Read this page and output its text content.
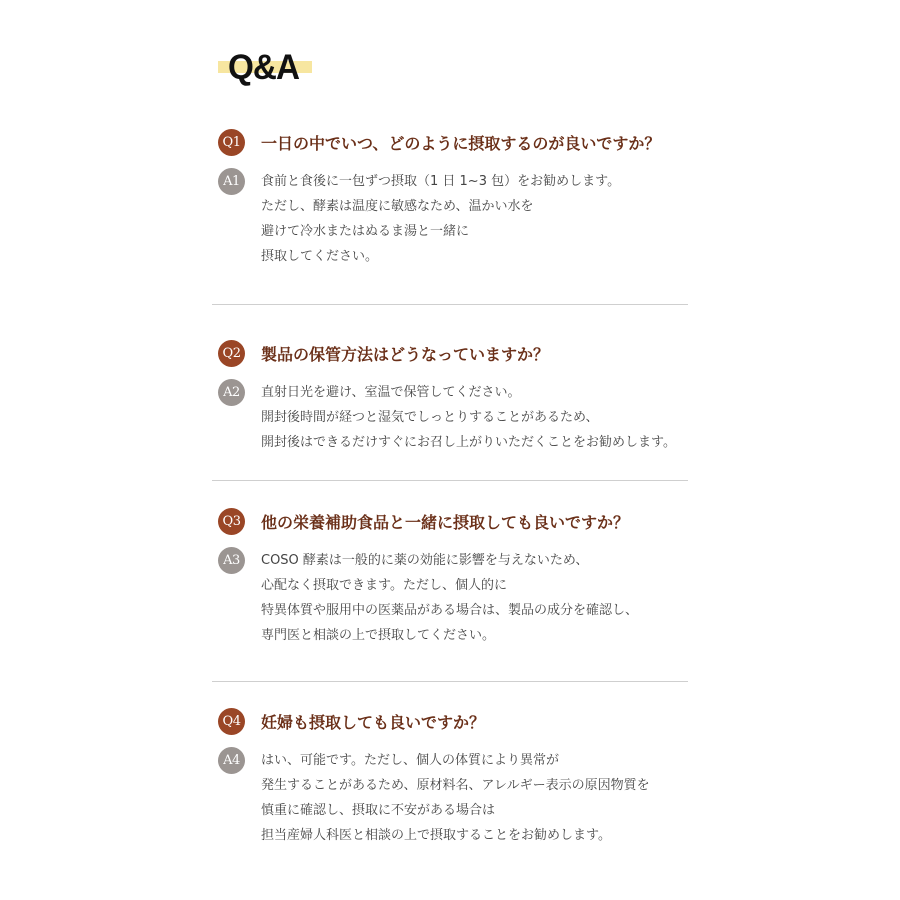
Q&A
Q1 一日の中でいつ、どのように摂取するのが良いですか？
A1	食前と食後に一包ずつ摂取（1 日 1~3 包）をお勧めします。
ただし、酵素は温度に敏感なため、温かい水を
避けて冷水またはぬるま湯と一緒に
摂取してください。
Q2 製品の保管方法はどうなっていますか？
A2	直射日光を避け、室温で保管してください。
開封後時間が経つと湿気でしっとりすることがあるため、
開封後はできるだけすぐにお召し上がりいただくことをお勧めします。
Q3 他の栄養補助食品と一緒に摂取しても良いですか？
A3	COSO 酵素は一般的に薬の効能に影響を与えないため、
心配なく摂取できます。ただし、個人的に
特異体質や服用中の医薬品がある場合は、製品の成分を確認し、
専門医と相談の上で摂取してください。
Q4 妊婦も摂取しても良いですか？
A4	はい、可能です。ただし、個人の体質により異常が
発生することがあるため、原材料名、アレルギー表示の原因物質を
慎重に確認し、摂取に不安がある場合は
担当産婦人科医と相談の上で摂取することをお勧めします。
